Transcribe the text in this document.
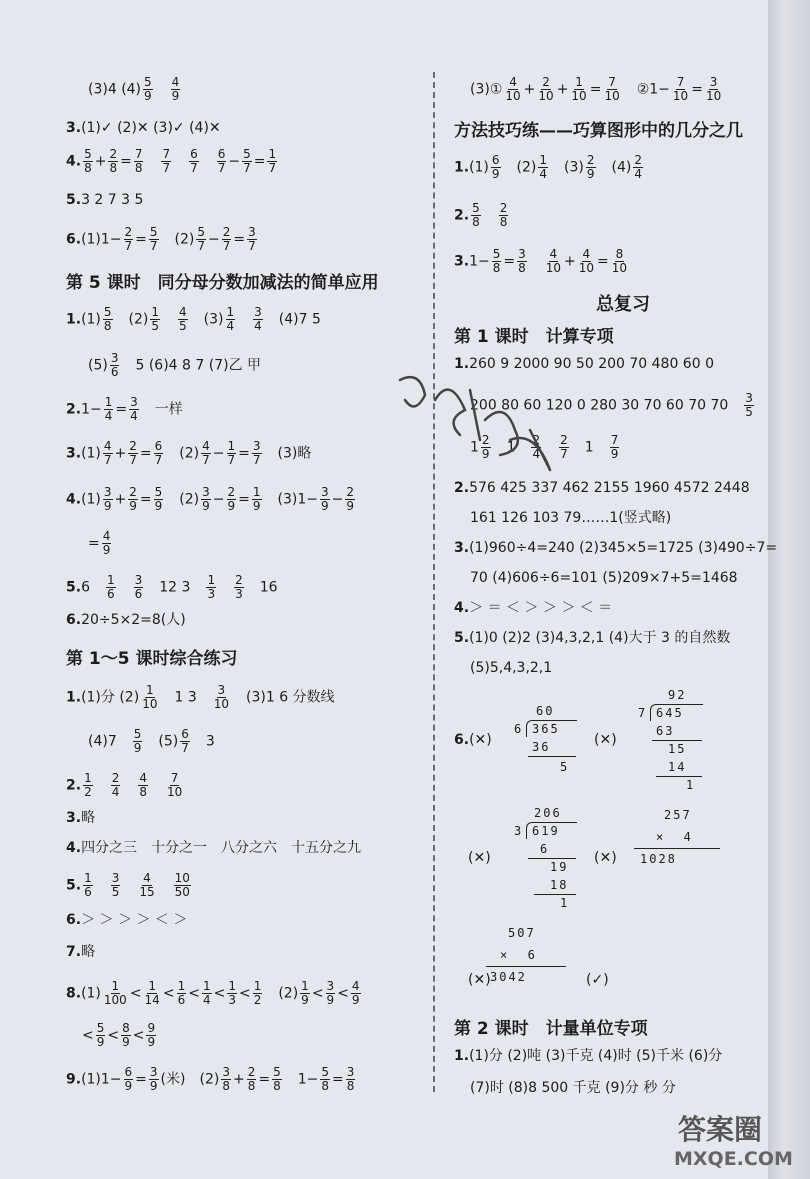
(3)4 $(4) \frac{5}{9} \frac{4}{9}$
3.(1)✓ (2)✕ (3)✓ (4)✕
4. $\frac{5}{8} + \frac{2}{8} = \frac{7}{8} \frac{7}{7} \frac{6}{7} \frac{6}{7} - \frac{5}{7} = \frac{1}{7}$
5.3 2 7 3 5
$6.(1)1- \frac{2}{7} = \frac{5}{7} (2) \frac{5}{7} - \frac{2}{7} = \frac{3}{7}$
第 5 课时　同分母分数加减法的简单应用
$1.(1) \frac{5}{8} (2) \frac{1}{5} \frac{4}{5} (3) \frac{1}{4} \frac{3}{4} (4)7$ 5
$(5) \frac{3}{6} 5$ (6)4 8 7 (7)乙 甲
$2.1- \frac{1}{4} = \frac{3}{4}$ 一样
$3.(1) \frac{4}{7} + \frac{2}{7} = \frac{6}{7} (2) \frac{4}{7} - \frac{1}{7} = \frac{3}{7} (3)$略
$4.(1) \frac{3}{9} + \frac{2}{9} = \frac{5}{9} (2) \frac{3}{9} - \frac{2}{9} = \frac{1}{9} (3)1- \frac{3}{9} - \frac{2}{9}$
= $\frac{4}{9}$
$5.6 \frac{1}{6} \frac{3}{6} 12$ $3 \frac{1}{3} \frac{2}{3} 16$
6.20÷5×2=8(人)
第 1～5 课时综合练习
1.(1)分 $(2) \frac{1}{10} 1$ $3 \frac{3}{10} (3)1$ 6 分数线
$(4)7 \frac{5}{9} (5) \frac{6}{7} 3$
2. $\frac{1}{2} \frac{2}{4} \frac{4}{8} \frac{7}{10}$
3.略
4.四分之三　十分之一　八分之六　十五分之九
5. $\frac{1}{6} \frac{3}{5} \frac{4}{15} \frac{10}{50}$
6.＞ ＞ ＞ ＞ ＜ ＞
7.略
$8.(1) \frac{1}{100} < \frac{1}{14} < \frac{1}{6} < \frac{1}{4} < \frac{1}{3} < \frac{1}{2} (2) \frac{1}{9} < \frac{3}{9} < \frac{4}{9}$
< $\frac{5}{9} < \frac{8}{9} < \frac{9}{9}$
$9.(1)1- \frac{6}{9} = \frac{3}{9}$ (米) $(2) \frac{3}{8} + \frac{2}{8} = \frac{5}{8} 1- \frac{5}{8} = \frac{3}{8}$
(3)① $\frac{4}{10} + \frac{2}{10} + \frac{1}{10} = \frac{7}{10}$ ②1− $\frac{7}{10} = \frac{3}{10}$
方法技巧练——巧算图形中的几分之几
$1.(1) \frac{6}{9} (2) \frac{1}{4} (3) \frac{2}{9} (4) \frac{2}{4}$
2. $\frac{5}{8} \frac{2}{8}$
$3.1- \frac{5}{8} = \frac{3}{8} \frac{4}{10} + \frac{4}{10} = \frac{8}{10}$
总复习
第 1 课时　计算专项
1.260 9 2000 90 50 200 70 480 60 0
200 80 60 120 0 280 30 70 60 70 $70 \frac{3}{5}$
$1 \frac{2}{9} 1 \frac{2}{4} \frac{2}{7} 1 \frac{7}{9}$
2.576 425 337 462 2155 1960 4572 2448
161 126 103 79……1(竖式略)
3.(1)960÷4=240 (2)345×5=1725 (3)490÷7=
70 (4)606÷6=101 (5)209×7+5=1468
4.＞ ＝ ＜ ＞ ＞ ＞ ＜ ＝
5.(1)0 (2)2 (3)4,3,2,1 (4)大于 3 的自然数
(5)5,4,3,2,1
6.(✕)
60
6 365
36
5
(✕)
92
7 645
63
15
14
1
(✕)
206
3 619
6
19
18
1
(✕)
257
×  4
1028
(✕)
507
×  6
3042	(✓)
第 2 课时　计量单位专项
1.(1)分 (2)吨 (3)千克 (4)时 (5)千米 (6)分
(7)时 (8)8 500 千克 (9)分 秒 分
答案圈
MXQE.COM
